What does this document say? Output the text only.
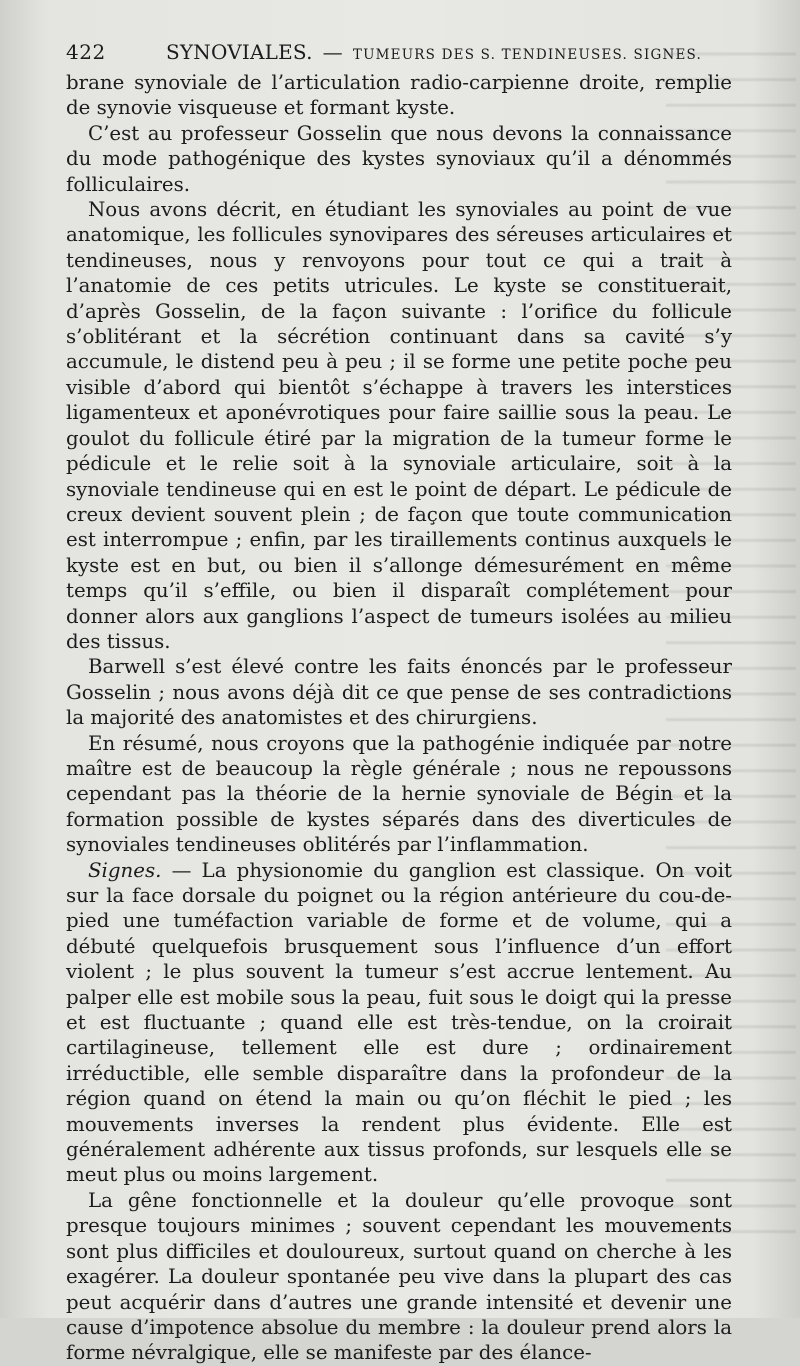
422	SYNOVIALES. — TUMEURS DES S. TENDINEUSES. SIGNES.

brane synoviale de l’articulation radio-carpienne droite, remplie de synovie visqueuse et formant kyste.

C’est au professeur Gosselin que nous devons la connaissance du mode pathogénique des kystes synoviaux qu’il a dénommés folliculaires.

Nous avons décrit, en étudiant les synoviales au point de vue anatomique, les follicules synovipares des séreuses articulaires et tendineuses, nous y renvoyons pour tout ce qui a trait à l’anatomie de ces petits utricules. Le kyste se constituerait, d’après Gosselin, de la façon suivante : l’orifice du follicule s’oblitérant et la sécrétion continuant dans sa cavité s’y accumule, le distend peu à peu ; il se forme une petite poche peu visible d’abord qui bientôt s’échappe à travers les interstices ligamenteux et aponévrotiques pour faire saillie sous la peau. Le goulot du follicule étiré par la migration de la tumeur forme le pédicule et le relie soit à la synoviale articulaire, soit à la synoviale tendineuse qui en est le point de départ. Le pédicule de creux devient souvent plein ; de façon que toute communication est interrompue ; enfin, par les tiraillements continus auxquels le kyste est en but, ou bien il s’allonge démesurément en même temps qu’il s’effile, ou bien il disparaît complétement pour donner alors aux ganglions l’aspect de tumeurs isolées au milieu des tissus.

Barwell s’est élevé contre les faits énoncés par le professeur Gosselin ; nous avons déjà dit ce que pense de ses contradictions la majorité des anatomistes et des chirurgiens.

En résumé, nous croyons que la pathogénie indiquée par notre maître est de beaucoup la règle générale ; nous ne repoussons cependant pas la théorie de la hernie synoviale de Bégin et la formation possible de kystes séparés dans des diverticules de synoviales tendineuses oblitérés par l’inflammation.

Signes. — La physionomie du ganglion est classique. On voit sur la face dorsale du poignet ou la région antérieure du cou-de-pied une tuméfaction variable de forme et de volume, qui a débuté quelquefois brusquement sous l’influence d’un effort violent ; le plus souvent la tumeur s’est accrue lentement. Au palper elle est mobile sous la peau, fuit sous le doigt qui la presse et est fluctuante ; quand elle est très-tendue, on la croirait cartilagineuse, tellement elle est dure ; ordinairement irréductible, elle semble disparaître dans la profondeur de la région quand on étend la main ou qu’on fléchit le pied ; les mouvements inverses la rendent plus évidente. Elle est généralement adhérente aux tissus profonds, sur lesquels elle se meut plus ou moins largement.

La gêne fonctionnelle et la douleur qu’elle provoque sont presque toujours minimes ; souvent cependant les mouvements sont plus difficiles et douloureux, surtout quand on cherche à les exagérer. La douleur spontanée peu vive dans la plupart des cas peut acquérir dans d’autres une grande intensité et devenir une cause d’impotence absolue du membre : la douleur prend alors la forme névralgique, elle se manifeste par des élance-
